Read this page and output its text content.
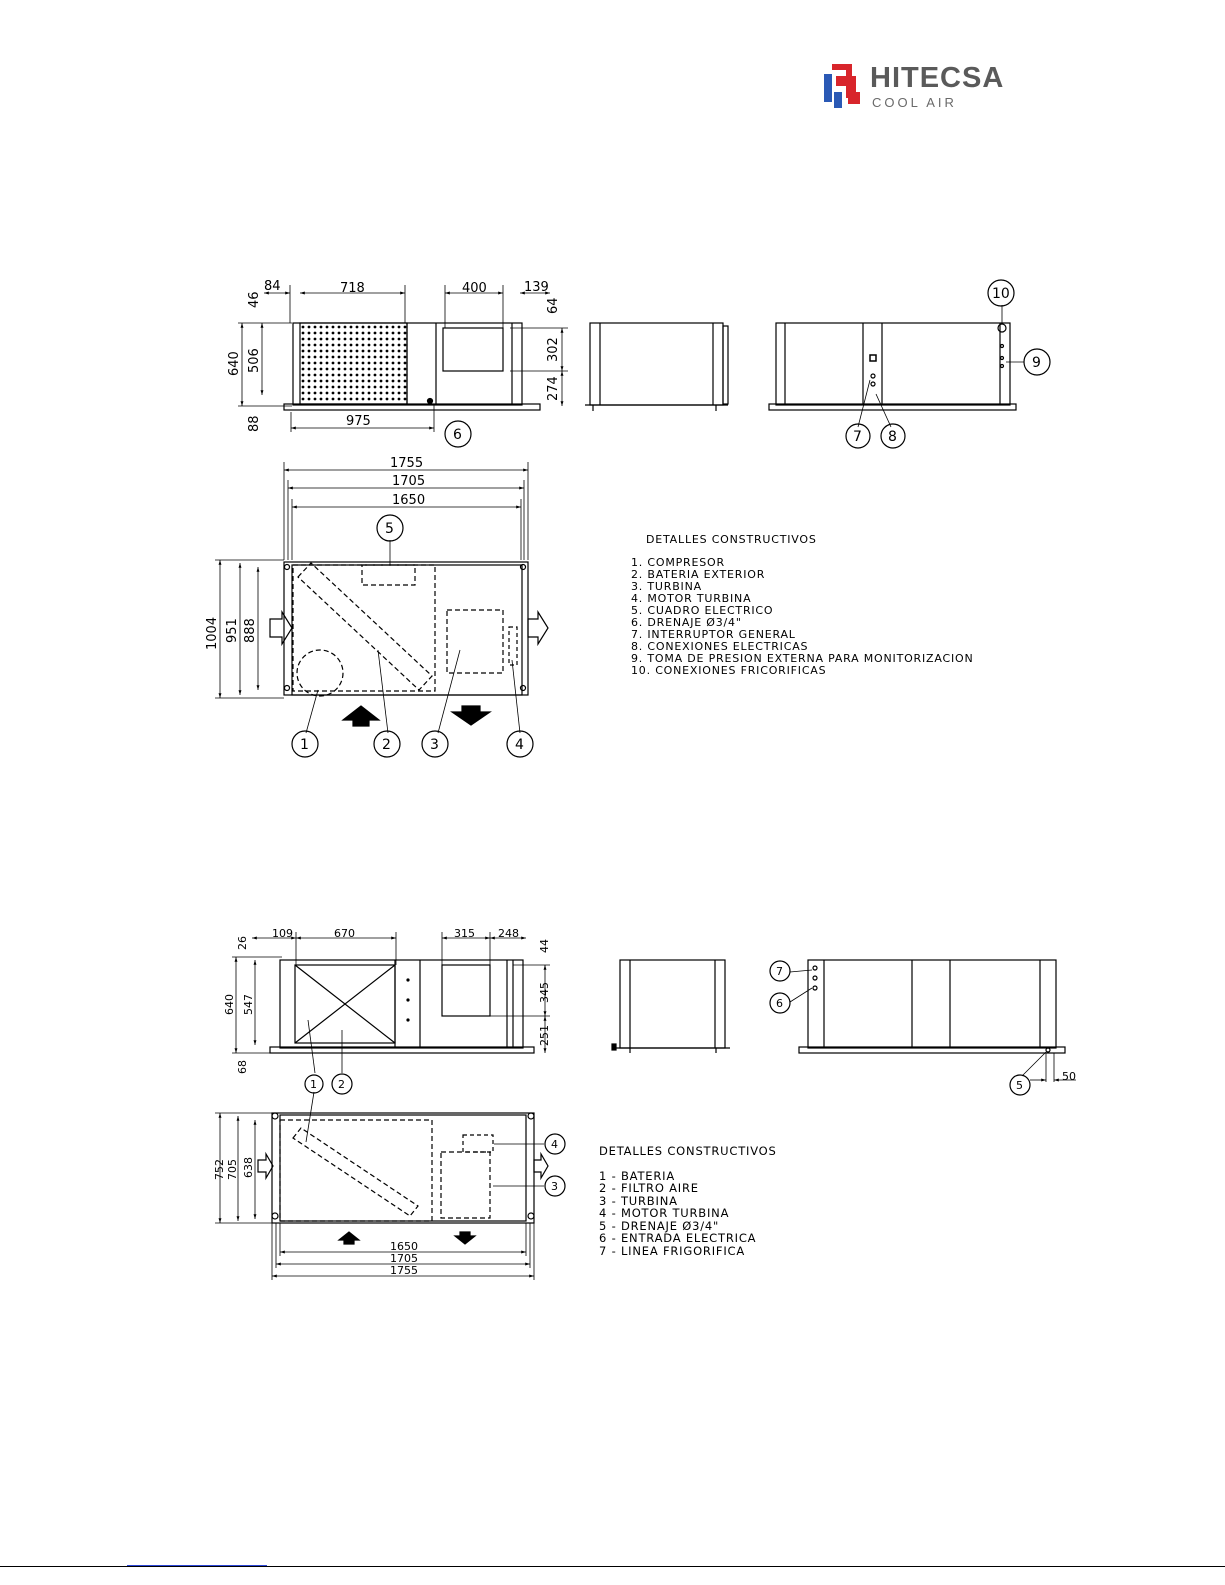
HITECSA
COOL AIR
84	718	400	139
46
640 506
88	975
64
302
274
1755
1705
1650
1004 951 888
6	7 8
9
10
5
1	2	3	4
DETALLES CONSTRUCTIVOS
1. COMPRESOR
2. BATERIA EXTERIOR
3. TURBINA
4. MOTOR TURBINA
5. CUADRO ELECTRICO
6. DRENAJE Ø3/4"
7. INTERRUPTOR GENERAL
8. CONEXIONES ELECTRICAS
9. TOMA DE PRESION EXTERNA PARA MONITORIZACION
10. CONEXIONES FRICORIFICAS
109	670	315 248
26
640 547
68
44
345
251
50
752 705 638
1650
1705
1755
1 2
7
6
5
4
3
DETALLES CONSTRUCTIVOS
1 - BATERIA
2 - FILTRO AIRE
3 - TURBINA
4 - MOTOR TURBINA
5 - DRENAJE Ø3/4"
6 - ENTRADA ELECTRICA
7 - LINEA FRIGORIFICA
